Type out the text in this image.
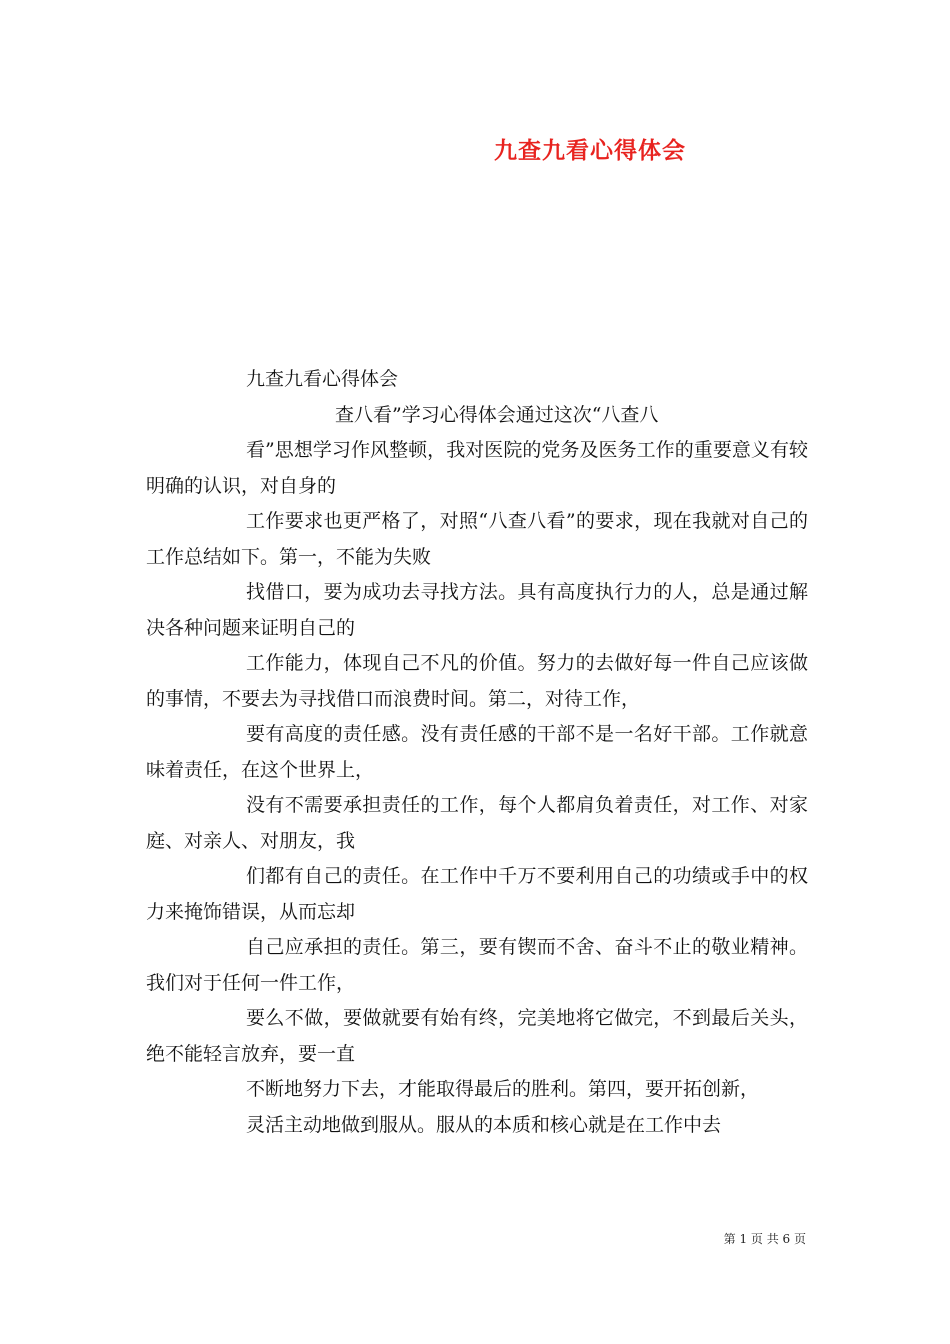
九查九看心得体会

九查九看心得体会

查八看”学习心得体会通过这次“八查八

看”思想学习作风整顿，我对医院的党务及医务工作的重要意义有较明确的认识，对自身的

工作要求也更严格了，对照“八查八看”的要求，现在我就对自己的工作总结如下。第一，不能为失败

找借口，要为成功去寻找方法。具有高度执行力的人，总是通过解决各种问题来证明自己的

工作能力，体现自己不凡的价值。努力的去做好每一件自己应该做的事情，不要去为寻找借口而浪费时间。第二，对待工作，

要有高度的责任感。没有责任感的干部不是一名好干部。工作就意味着责任，在这个世界上，

没有不需要承担责任的工作，每个人都肩负着责任，对工作、对家庭、对亲人、对朋友，我

们都有自己的责任。在工作中千万不要利用自己的功绩或手中的权力来掩饰错误，从而忘却

自己应承担的责任。第三，要有锲而不舍、奋斗不止的敬业精神。我们对于任何一件工作，

要么不做，要做就要有始有终，完美地将它做完，不到最后关头，绝不能轻言放弃，要一直

不断地努力下去，才能取得最后的胜利。第四，要开拓创新，

灵活主动地做到服从。服从的本质和核心就是在工作中去

第 1 页 共 6 页
